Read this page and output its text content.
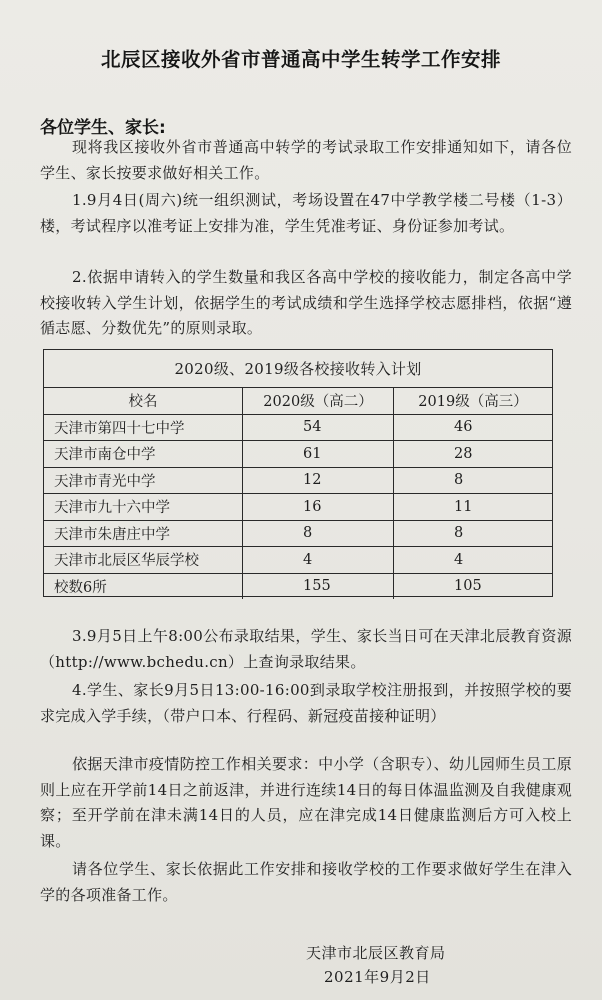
北辰区接收外省市普通高中学生转学工作安排
各位学生、家长:
现将我区接收外省市普通高中转学的考试录取工作安排通知如下，请各位学生、家长按要求做好相关工作。
1.9月4日(周六)统一组织测试，考场设置在47中学教学楼二号楼（1-3）楼，考试程序以准考证上安排为准，学生凭准考证、身份证参加考试。
2.依据申请转入的学生数量和我区各高中学校的接收能力，制定各高中学校接收转入学生计划，依据学生的考试成绩和学生选择学校志愿排档，依据“遵循志愿、分数优先”的原则录取。
2020级、2019级各校接收转入计划
校名	2020级（高二）	2019级（高三）
天津市第四十七中学	54	46
天津市南仓中学	61	28
天津市青光中学	12	8
天津市九十六中学	16	11
天津市朱唐庄中学	8	8
天津市北辰区华辰学校	4	4
校数6所	155	105
3.9月5日上午8:00公布录取结果，学生、家长当日可在天津北辰教育资源（http://www.bchedu.cn）上查询录取结果。
4.学生、家长9月5日13:00-16:00到录取学校注册报到，并按照学校的要求完成入学手续，（带户口本、行程码、新冠疫苗接种证明）
依据天津市疫情防控工作相关要求：中小学（含职专）、幼儿园师生员工原则上应在开学前14日之前返津，并进行连续14日的每日体温监测及自我健康观察；至开学前在津未满14日的人员，应在津完成14日健康监测后方可入校上课。
请各位学生、家长依据此工作安排和接收学校的工作要求做好学生在津入学的各项准备工作。
天津市北辰区教育局
2021年9月2日
